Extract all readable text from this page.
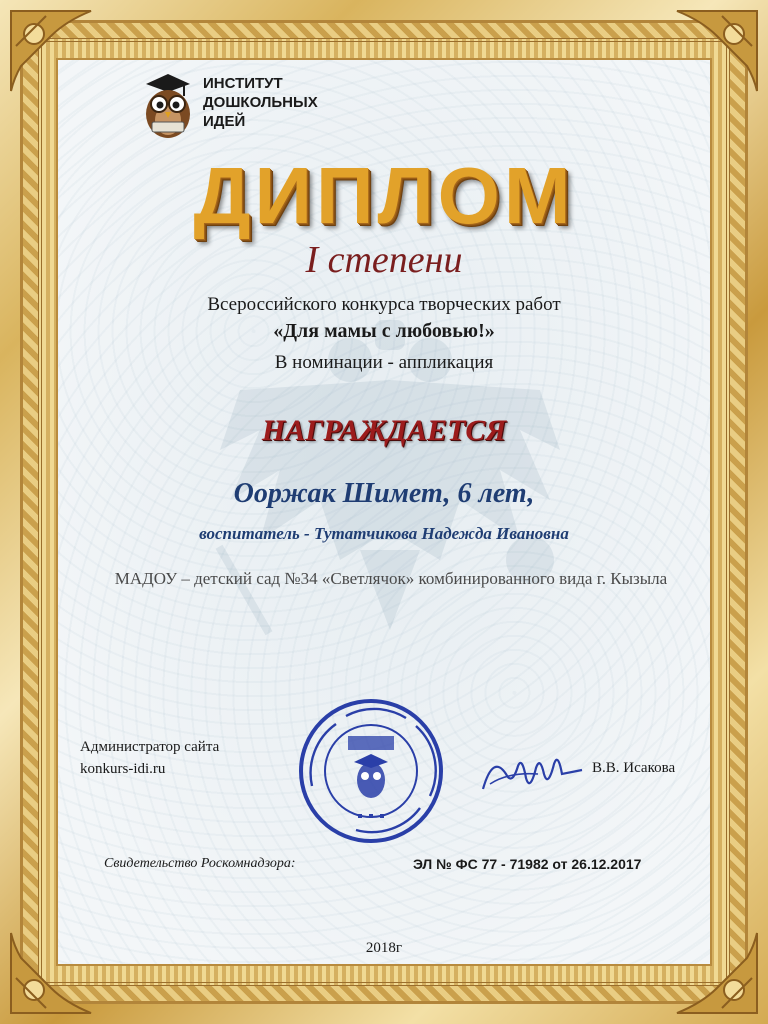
ИНСТИТУТ
ДОШКОЛЬНЫХ
ИДЕЙ
ДИПЛОМ
I степени
Всероссийского конкурса творческих работ
«Для мамы с любовью!»
В номинации - аппликация
НАГРАЖДАЕТСЯ
Ооржак Шимет, 6 лет,
воспитатель - Тутатчикова Надежда Ивановна
МАДОУ – детский сад №34 «Светлячок» комбинированного вида г. Кызыла
Администратор сайта
konkurs-idi.ru	В.В. Исакова
Свидетельство Роскомнадзора:	ЭЛ № ФС 77 - 71982 от 26.12.2017
2018г
